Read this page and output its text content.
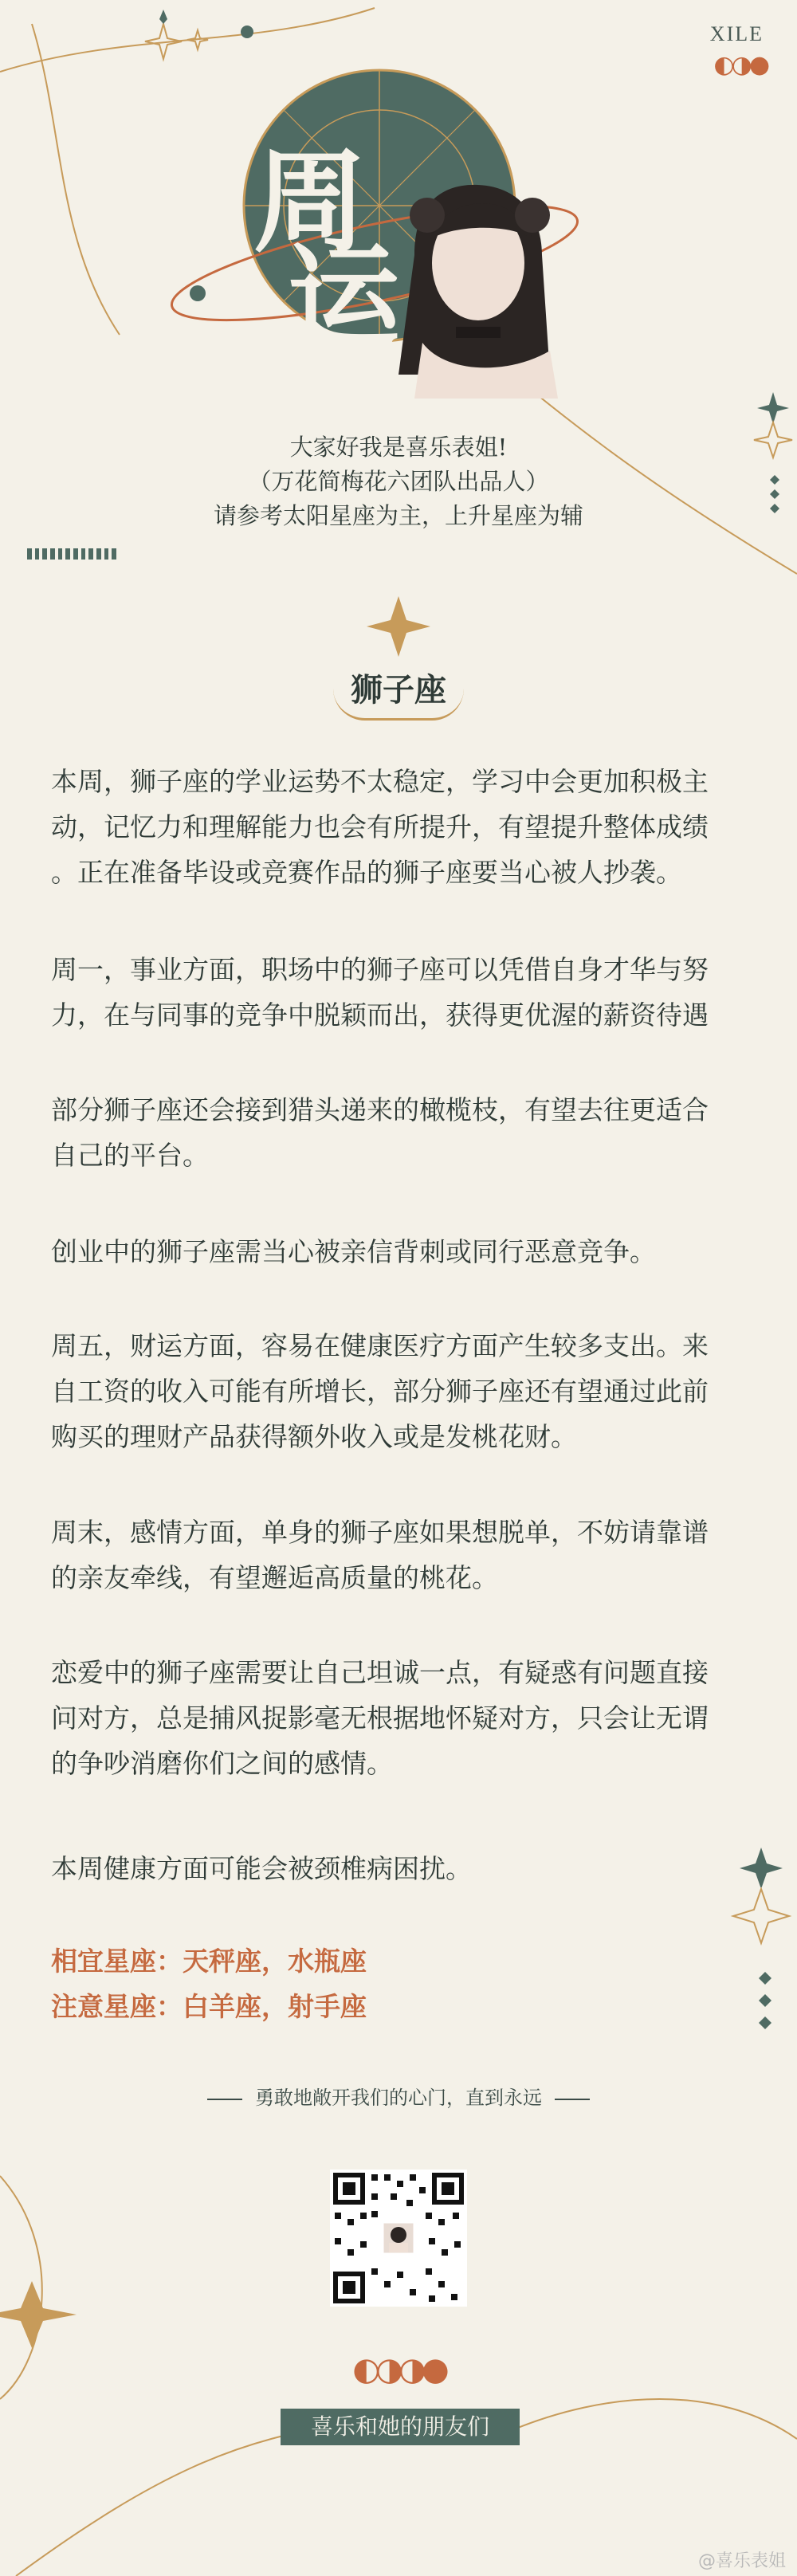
XILE
◐◑●
周
运
大家好我是喜乐表姐!
（万花简梅花六团队出品人）
请参考太阳星座为主，上升星座为辅
狮子座
本周，狮子座的学业运势不太稳定，学习中会更加积极主
动，记忆力和理解能力也会有所提升，有望提升整体成绩
。正在准备毕设或竞赛作品的狮子座要当心被人抄袭。
周一，事业方面，职场中的狮子座可以凭借自身才华与努
力，在与同事的竞争中脱颖而出，获得更优渥的薪资待遇
部分狮子座还会接到猎头递来的橄榄枝，有望去往更适合
自己的平台。
创业中的狮子座需当心被亲信背刺或同行恶意竞争。
周五，财运方面，容易在健康医疗方面产生较多支出。来
自工资的收入可能有所增长，部分狮子座还有望通过此前
购买的理财产品获得额外收入或是发桃花财。
周末，感情方面，单身的狮子座如果想脱单，不妨请靠谱
的亲友牵线，有望邂逅高质量的桃花。
恋爱中的狮子座需要让自己坦诚一点，有疑惑有问题直接
问对方，总是捕风捉影毫无根据地怀疑对方，只会让无谓
的争吵消磨你们之间的感情。
本周健康方面可能会被颈椎病困扰。
相宜星座：天秤座，水瓶座
注意星座：白羊座，射手座
勇敢地敞开我们的心门，直到永远
◐◑◑●
喜乐和她的朋友们
@喜乐表姐
